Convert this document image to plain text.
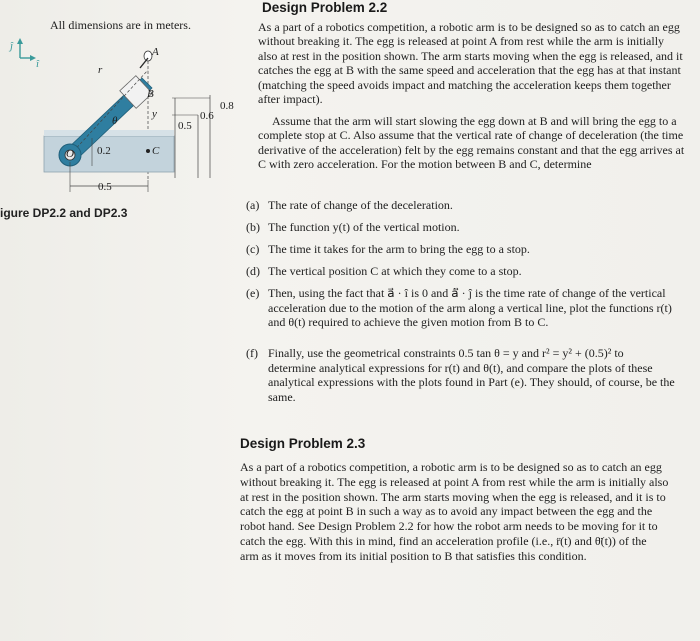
All dimensions are in meters.
ĵ
î	r
A
B
y
θ
O	C
0.2
0.5
0.6
0.8
0.5
igure DP2.2 and DP2.3
Design Problem 2.2
As a part of a robotics competition, a robotic arm is to be designed so as to catch an egg
without breaking it. The egg is released at point A from rest while the arm is initially
also at rest in the position shown. The arm starts moving when the egg is released, and it
catches the egg at B with the same speed and acceleration that the egg has at that instant
(matching the speed avoids impact and matching the acceleration keeps them together
after impact).
Assume that the arm will start slowing the egg down at B and will bring the egg to a
complete stop at C. Also assume that the vertical rate of change of deceleration (the time
derivative of the acceleration) felt by the egg remains constant and that the egg arrives at
C with zero acceleration. For the motion between B and C, determine
(a) The rate of change of the deceleration.
(b) The function y(t) of the vertical motion.
(c) The time it takes for the arm to bring the egg to a stop.
(d) The vertical position C at which they come to a stop.
(e) Then, using the fact that a⃗ · î is 0 and ȧ⃗ · ĵ is the time rate of change of the vertical
acceleration due to the motion of the arm along a vertical line, plot the functions r(t)
and θ(t) required to achieve the given motion from B to C.
(f) Finally, use the geometrical constraints 0.5 tan θ = y and r² = y² + (0.5)² to
determine analytical expressions for r(t) and θ(t), and compare the plots of these
analytical expressions with the plots found in Part (e). They should, of course, be the
same.
Design Problem 2.3
As a part of a robotics competition, a robotic arm is to be designed so as to catch an egg
without breaking it. The egg is released at point A from rest while the arm is initially also
at rest in the position shown. The arm starts moving when the egg is released, and it is to
catch the egg at point B in such a way as to avoid any impact between the egg and the
robot hand. See Design Problem 2.2 for how the robot arm needs to be moving for it to
catch the egg. With this in mind, find an acceleration profile (i.e., r̈(t) and θ̈(t)) of the
arm as it moves from its initial position to B that satisfies this condition.
